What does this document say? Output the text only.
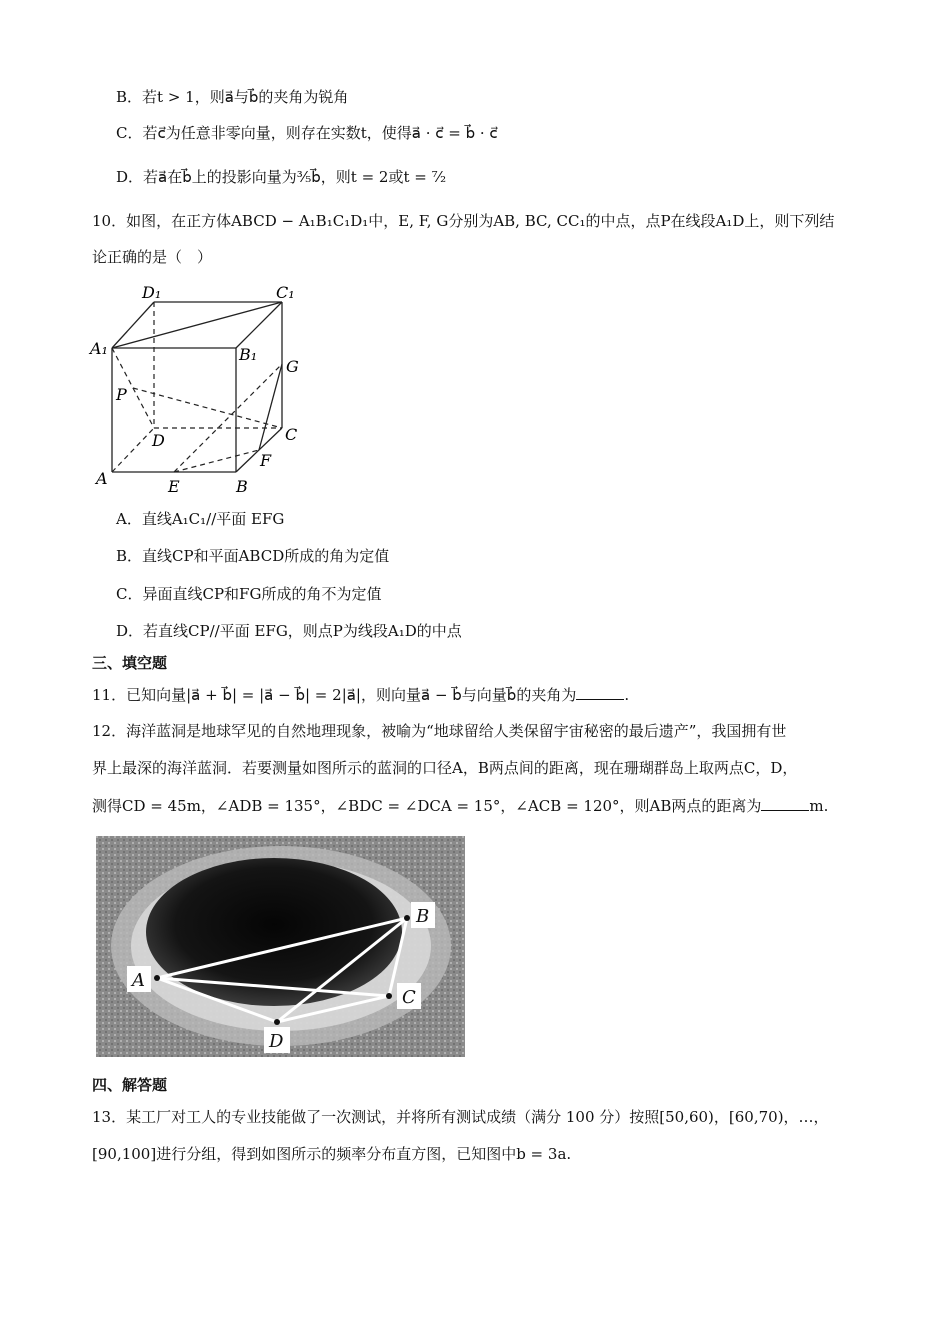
B．若t > 1，则a⃗与b⃗的夹角为锐角
C．若c⃗为任意非零向量，则存在实数t，使得a⃗ · c⃗ = b⃗ · c⃗
D．若a⃗在b⃗上的投影向量为³⁄₅b⃗，则t = 2或t = ⁷⁄₂
10．如图，在正方体ABCD − A₁B₁C₁D₁中，E, F, G分别为AB, BC, CC₁的中点，点P在线段A₁D上，则下列结
论正确的是（　）
D₁	C₁
A₁	B₁
G
P
D	C
F
A	E	B
A．直线A₁C₁//平面 EFG
B．直线CP和平面ABCD所成的角为定值
C．异面直线CP和FG所成的角不为定值
D．若直线CP//平面 EFG，则点P为线段A₁D的中点
三、填空题
11．已知向量|a⃗ + b⃗| = |a⃗ − b⃗| = 2|a⃗|，则向量a⃗ − b⃗与向量b⃗的夹角为	.
12．海洋蓝洞是地球罕见的自然地理现象，被喻为“地球留给人类保留宇宙秘密的最后遗产”，我国拥有世
界上最深的海洋蓝洞．若要测量如图所示的蓝洞的口径A，B两点间的距离，现在珊瑚群岛上取两点C，D，
测得CD = 45m，∠ADB = 135°，∠BDC = ∠DCA = 15°，∠ACB = 120°，则AB两点的距离为	m.
A
B
C
D
四、解答题
13．某工厂对工人的专业技能做了一次测试，并将所有测试成绩（满分 100 分）按照[50,60)，[60,70)，…，
[90,100]进行分组，得到如图所示的频率分布直方图，已知图中b = 3a.
